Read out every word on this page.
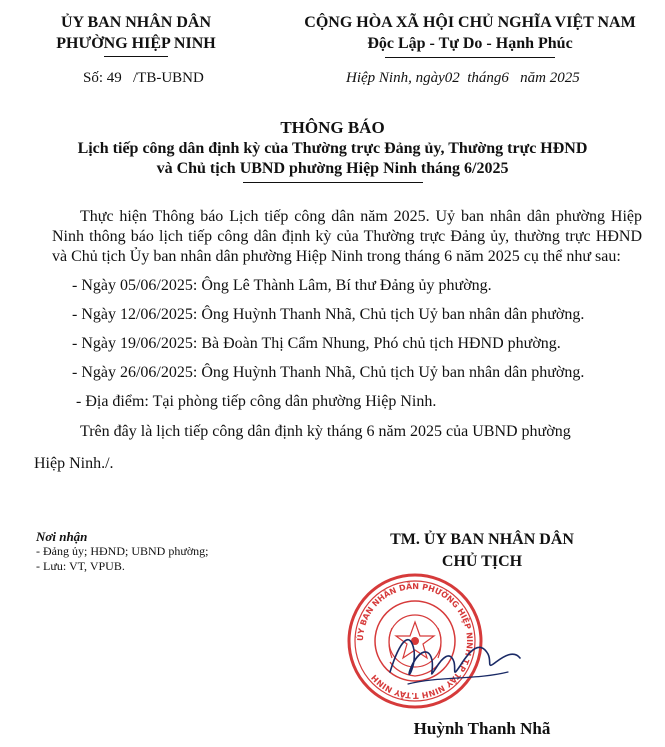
ỦY BAN NHÂN DÂN
PHƯỜNG HIỆP NINH
CỘNG HÒA XÃ HỘI CHỦ NGHĨA VIỆT NAM
Độc Lập - Tự Do - Hạnh Phúc
Số: 49   /TB-UBND	Hiệp Ninh, ngày02  tháng6   năm 2025
THÔNG BÁO
Lịch tiếp công dân định kỳ của Thường trực Đảng ủy, Thường trực HĐND
và Chủ tịch UBND phường Hiệp Ninh tháng 6/2025

Thực hiện Thông báo Lịch tiếp công dân năm 2025. Uỷ ban nhân dân phường Hiệp Ninh thông báo lịch tiếp công dân định kỳ của Thường trực Đảng ủy, thường trực HĐND và Chủ tịch Ủy ban nhân dân phường Hiệp Ninh trong tháng 6 năm 2025 cụ thể như sau:

- Ngày 05/06/2025: Ông Lê Thành Lâm, Bí thư Đảng ủy phường.

- Ngày 12/06/2025: Ông Huỳnh Thanh Nhã, Chủ tịch Uỷ ban nhân dân phường.

- Ngày 19/06/2025: Bà Đoàn Thị Cẩm Nhung, Phó chủ tịch HĐND phường.

- Ngày 26/06/2025: Ông Huỳnh Thanh Nhã, Chủ tịch Uỷ ban nhân dân phường.

- Địa điểm: Tại phòng tiếp công dân phường Hiệp Ninh.

Trên đây là lịch tiếp công dân định kỳ tháng 6 năm 2025 của UBND phường

Hiệp Ninh./.

Nơi nhận
- Đảng ủy; HĐND; UBND phường;
- Lưu: VT, VPUB.
TM. ỦY BAN NHÂN DÂN
CHỦ TỊCH
ỦY BAN NHÂN DÂN PHƯỜNG HIỆP NINH T.P TÂY NINH T.TÂY NINH
Huỳnh Thanh Nhã
